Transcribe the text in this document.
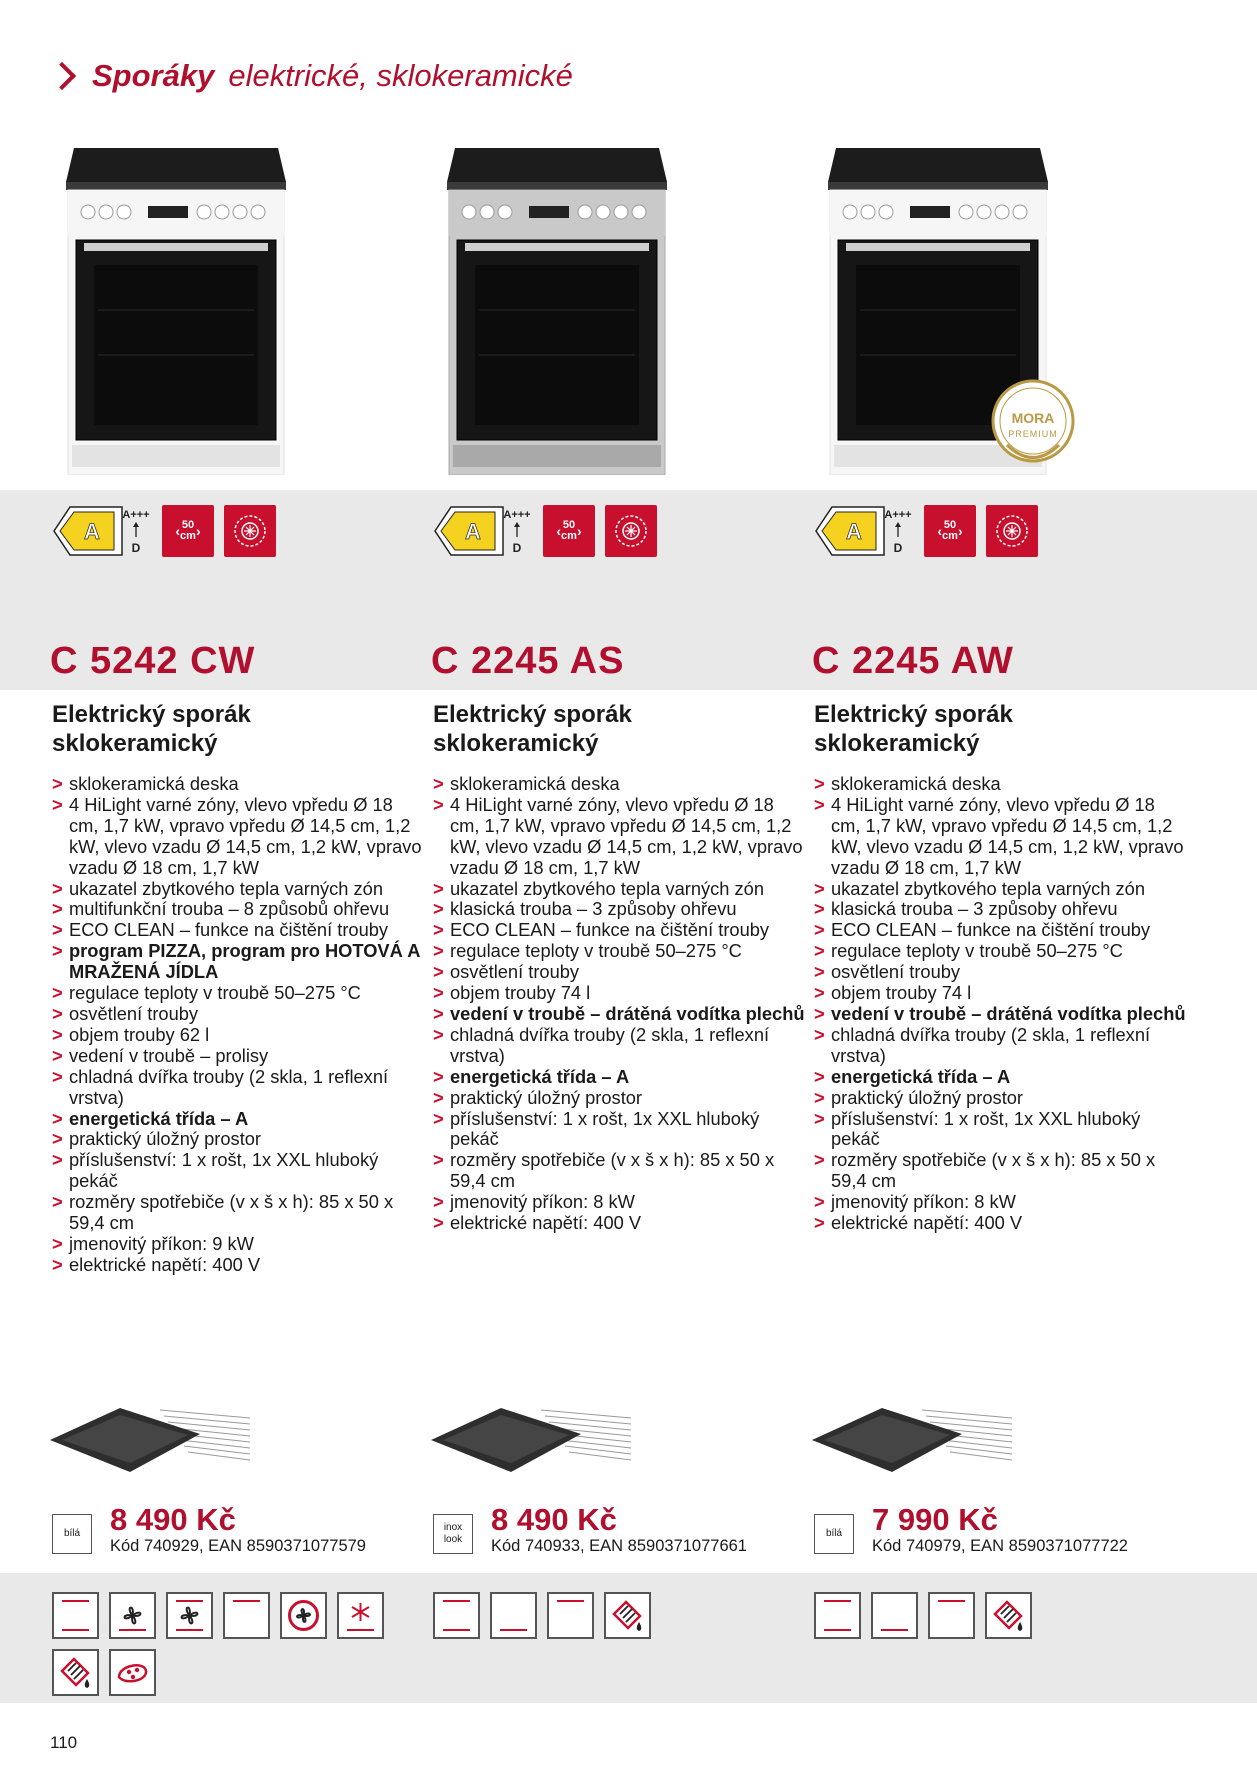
Sporáky elektrické, sklokeramické
A
A+++
D
‹ 50
cm ›
C 5242 CW
Elektrický sporák
sklokeramický
> sklokeramická deska
> 4 HiLight varné zóny, vlevo vpředu Ø 18 cm, 1,7 kW, vpravo vpředu Ø 14,5 cm, 1,2 kW, vlevo vzadu Ø 14,5 cm, 1,2 kW, vpravo vzadu Ø 18 cm, 1,7 kW
> ukazatel zbytkového tepla varných zón
> multifunkční trouba – 8 způsobů ohřevu
> ECO CLEAN – funkce na čištění trouby
> program PIZZA, program pro HOTOVÁ A MRAŽENÁ JÍDLA
> regulace teploty v troubě 50–275 °C
> osvětlení trouby
> objem trouby 62 l
> vedení v troubě – prolisy
> chladná dvířka trouby (2 skla, 1 reflexní vrstva)
> energetická třída – A
> praktický úložný prostor
> příslušenství: 1 x rošt, 1x XXL hluboký pekáč
> rozměry spotřebiče (v x š x h): 85 x 50 x 59,4 cm
> jmenovitý příkon: 9 kW
> elektrické napětí: 400 V
bílá 8 490 Kč
Kód 740929, EAN 8590371077579
A
A+++
D
‹ 50
cm ›
C 2245 AS
Elektrický sporák
sklokeramický
> sklokeramická deska
> 4 HiLight varné zóny, vlevo vpředu Ø 18 cm, 1,7 kW, vpravo vpředu Ø 14,5 cm, 1,2 kW, vlevo vzadu Ø 14,5 cm, 1,2 kW, vpravo vzadu Ø 18 cm, 1,7 kW
> ukazatel zbytkového tepla varných zón
> klasická trouba – 3 způsoby ohřevu
> ECO CLEAN – funkce na čištění trouby
> regulace teploty v troubě 50–275 °C
> osvětlení trouby
> objem trouby 74 l
> vedení v troubě – drátěná vodítka plechů
> chladná dvířka trouby (2 skla, 1 reflexní vrstva)
> energetická třída – A
> praktický úložný prostor
> příslušenství: 1 x rošt, 1x XXL hluboký pekáč
> rozměry spotřebiče (v x š x h): 85 x 50 x 59,4 cm
> jmenovitý příkon: 8 kW
> elektrické napětí: 400 V
inox look
8 490 Kč
Kód 740933, EAN 8590371077661
MORA
PREMIUM
A
A+++
D
‹ 50
cm ›
C 2245 AW
Elektrický sporák
sklokeramický
> sklokeramická deska
> 4 HiLight varné zóny, vlevo vpředu Ø 18 cm, 1,7 kW, vpravo vpředu Ø 14,5 cm, 1,2 kW, vlevo vzadu Ø 14,5 cm, 1,2 kW, vpravo vzadu Ø 18 cm, 1,7 kW
> ukazatel zbytkového tepla varných zón
> klasická trouba – 3 způsoby ohřevu
> ECO CLEAN – funkce na čištění trouby
> regulace teploty v troubě 50–275 °C
> osvětlení trouby
> objem trouby 74 l
> vedení v troubě – drátěná vodítka plechů
> chladná dvířka trouby (2 skla, 1 reflexní vrstva)
> energetická třída – A
> praktický úložný prostor
> příslušenství: 1 x rošt, 1x XXL hluboký pekáč
> rozměry spotřebiče (v x š x h): 85 x 50 x 59,4 cm
> jmenovitý příkon: 8 kW
> elektrické napětí: 400 V
bílá 7 990 Kč
Kód 740979, EAN 8590371077722
110
